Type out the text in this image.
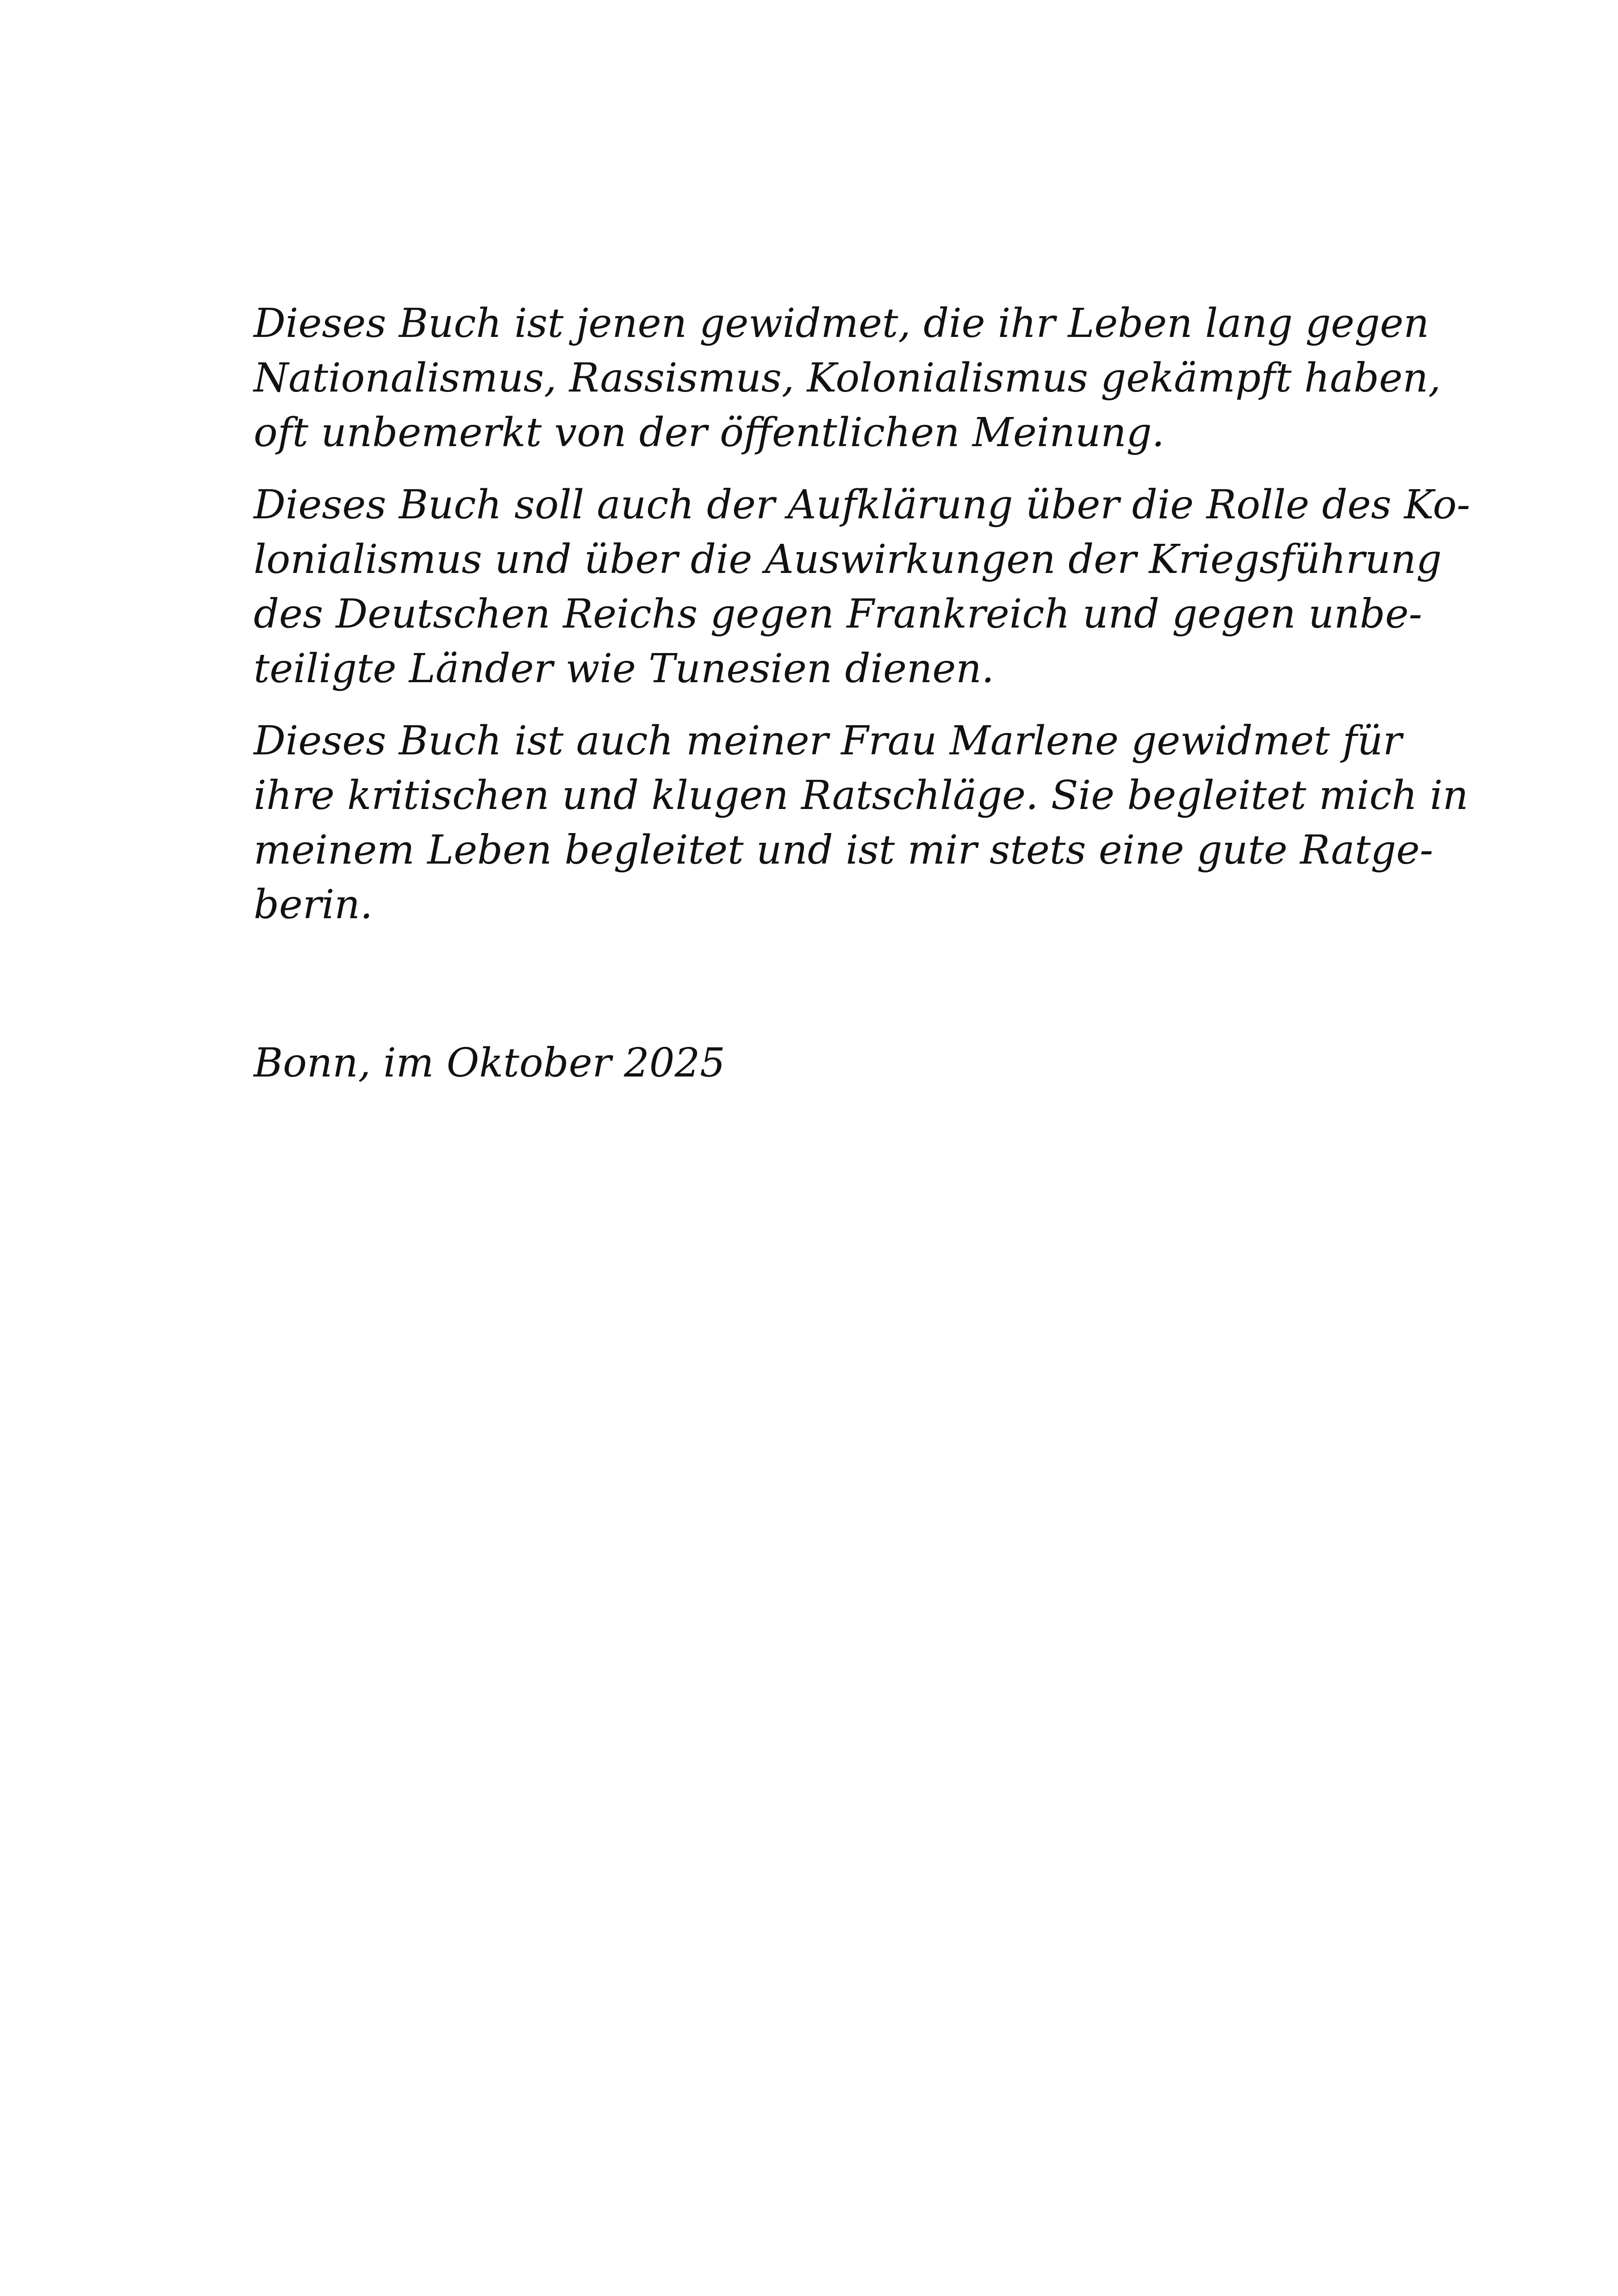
Dieses Buch ist jenen gewidmet, die ihr Leben lang gegen
Nationalismus, Rassismus, Kolonialismus gekämpft haben,
oft unbemerkt von der öffentlichen Meinung.

Dieses Buch soll auch der Aufklärung über die Rolle des Ko-
lonialismus und über die Auswirkungen der Kriegsführung
des Deutschen Reichs gegen Frankreich und gegen unbe-
teiligte Länder wie Tunesien dienen.

Dieses Buch ist auch meiner Frau Marlene gewidmet für
ihre kritischen und klugen Ratschläge. Sie begleitet mich in
meinem Leben begleitet und ist mir stets eine gute Ratge-
berin.

Bonn, im Oktober 2025
